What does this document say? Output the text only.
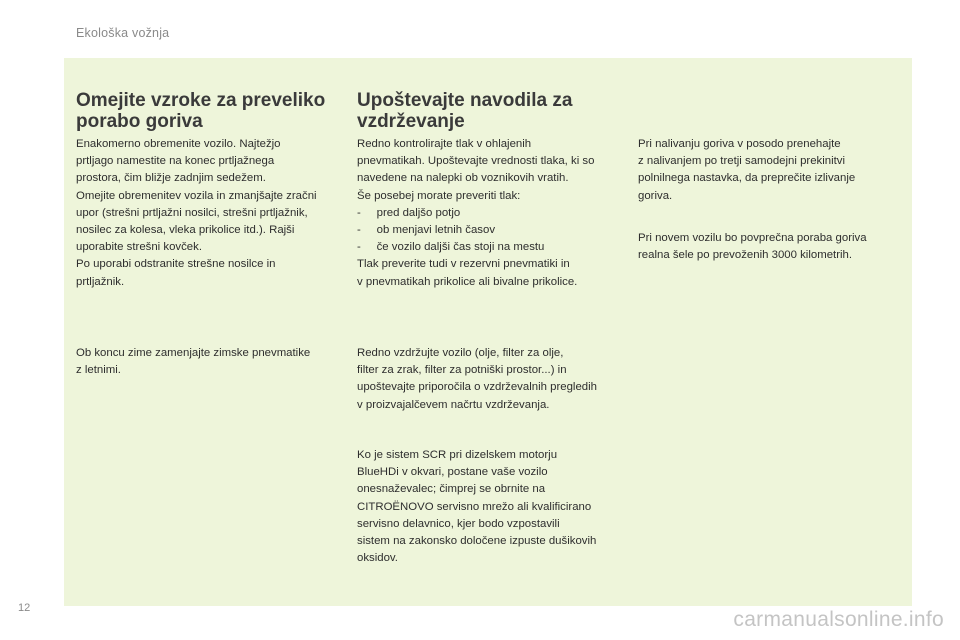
Ekološka vožnja
Omejite vzroke za preveliko
porabo goriva

Enakomerno obremenite vozilo. Najtežjo
prtljago namestite na konec prtljažnega
prostora, čim bližje zadnjim sedežem.
Omejite obremenitev vozila in zmanjšajte zračni
upor (strešni prtljažni nosilci, strešni prtljažnik,
nosilec za kolesa, vleka prikolice itd.). Rajši
uporabite strešni kovček.
Po uporabi odstranite strešne nosilce in
prtljažnik.

Ob koncu zime zamenjajte zimske pnevmatike
z letnimi.

Upoštevajte navodila za
vzdrževanje

Redno kontrolirajte tlak v ohlajenih
pnevmatikah. Upoštevajte vrednosti tlaka, ki so
navedene na nalepki ob voznikovih vratih.
Še posebej morate preveriti tlak:
-     pred daljšo potjo
-     ob menjavi letnih časov
-     če vozilo daljši čas stoji na mestu
Tlak preverite tudi v rezervni pnevmatiki in
v pnevmatikah prikolice ali bivalne prikolice.

Redno vzdržujte vozilo (olje, filter za olje,
filter za zrak, filter za potniški prostor...) in
upoštevajte priporočila o vzdrževalnih pregledih
v proizvajalčevem načrtu vzdrževanja.

Ko je sistem SCR pri dizelskem motorju
BlueHDi v okvari, postane vaše vozilo
onesnaževalec; čimprej se obrnite na
CITROËNOVO servisno mrežo ali kvalificirano
servisno delavnico, kjer bodo vzpostavili
sistem na zakonsko določene izpuste dušikovih
oksidov.

Pri nalivanju goriva v posodo prenehajte
z nalivanjem po tretji samodejni prekinitvi
polnilnega nastavka, da preprečite izlivanje
goriva.

Pri novem vozilu bo povprečna poraba goriva
realna šele po prevoženih 3000 kilometrih.

12	carmanualsonline.info
